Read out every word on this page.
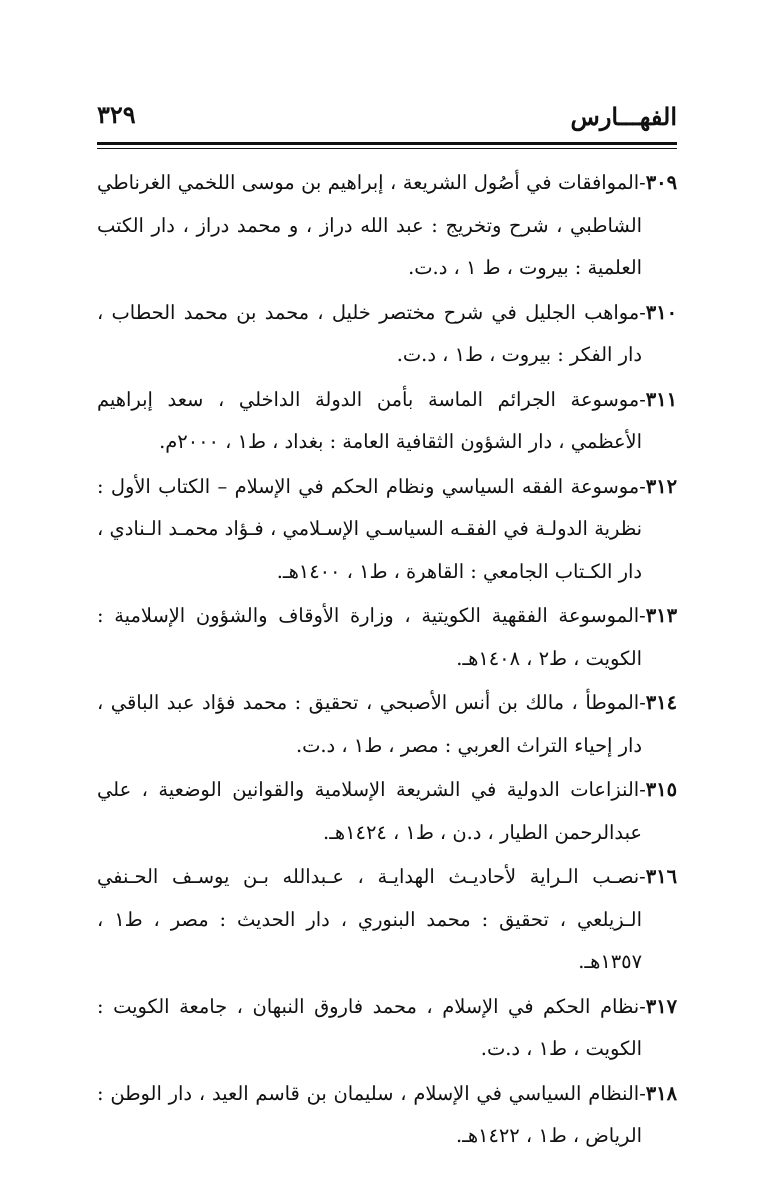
الفهـــارس
٣٢٩

٣٠٩-الموافقات في أصُول الشريعة ، إبراهيم بن موسى اللخمي الغرناطي الشاطبي ، شرح وتخريج : عبد الله دراز ، و محمد دراز ، دار الكتب العلمية : بيروت ، ط ١ ، د.ت.

٣١٠-مواهب الجليل في شرح مختصر خليل ، محمد بن محمد الحطاب ، دار الفكر : بيروت ، ط١ ، د.ت.

٣١١-موسوعة الجرائم الماسة بأمن الدولة الداخلي ، سعد إبراهيم الأعظمي ، دار الشؤون الثقافية العامة : بغداد ، ط١ ، ٢٠٠٠م.

٣١٢-موسوعة الفقه السياسي ونظام الحكم في الإسلام – الكتاب الأول : نظرية الدولـة في الفقـه السياسـي الإسـلامي ، فـؤاد محمـد الـنادي ، دار الكـتاب الجامعي : القاهرة ، ط١ ، ١٤٠٠هـ.

٣١٣-الموسوعة الفقهية الكويتية ، وزارة الأوقاف والشؤون الإسلامية : الكويت ، ط٢ ، ١٤٠٨هـ.

٣١٤-الموطأ ، مالك بن أنس الأصبحي ، تحقيق : محمد فؤاد عبد الباقي ، دار إحياء التراث العربي : مصر ، ط١ ، د.ت.

٣١٥-النزاعات الدولية في الشريعة الإسلامية والقوانين الوضعية ، علي عبدالرحمن الطيار ، د.ن ، ط١ ، ١٤٢٤هـ.

٣١٦-نصـب الـراية لأحاديـث الهدايـة ، عـبدالله بـن يوسـف الحـنفي الـزيلعي ، تحقيق : محمد البنوري ، دار الحديث : مصر ، ط١ ، ١٣٥٧هـ.

٣١٧-نظام الحكم في الإسلام ، محمد فاروق النبهان ، جامعة الكويت : الكويت ، ط١ ، د.ت.

٣١٨-النظام السياسي في الإسلام ، سليمان بن قاسم العيد ، دار الوطن : الرياض ، ط١ ، ١٤٢٢هـ.
